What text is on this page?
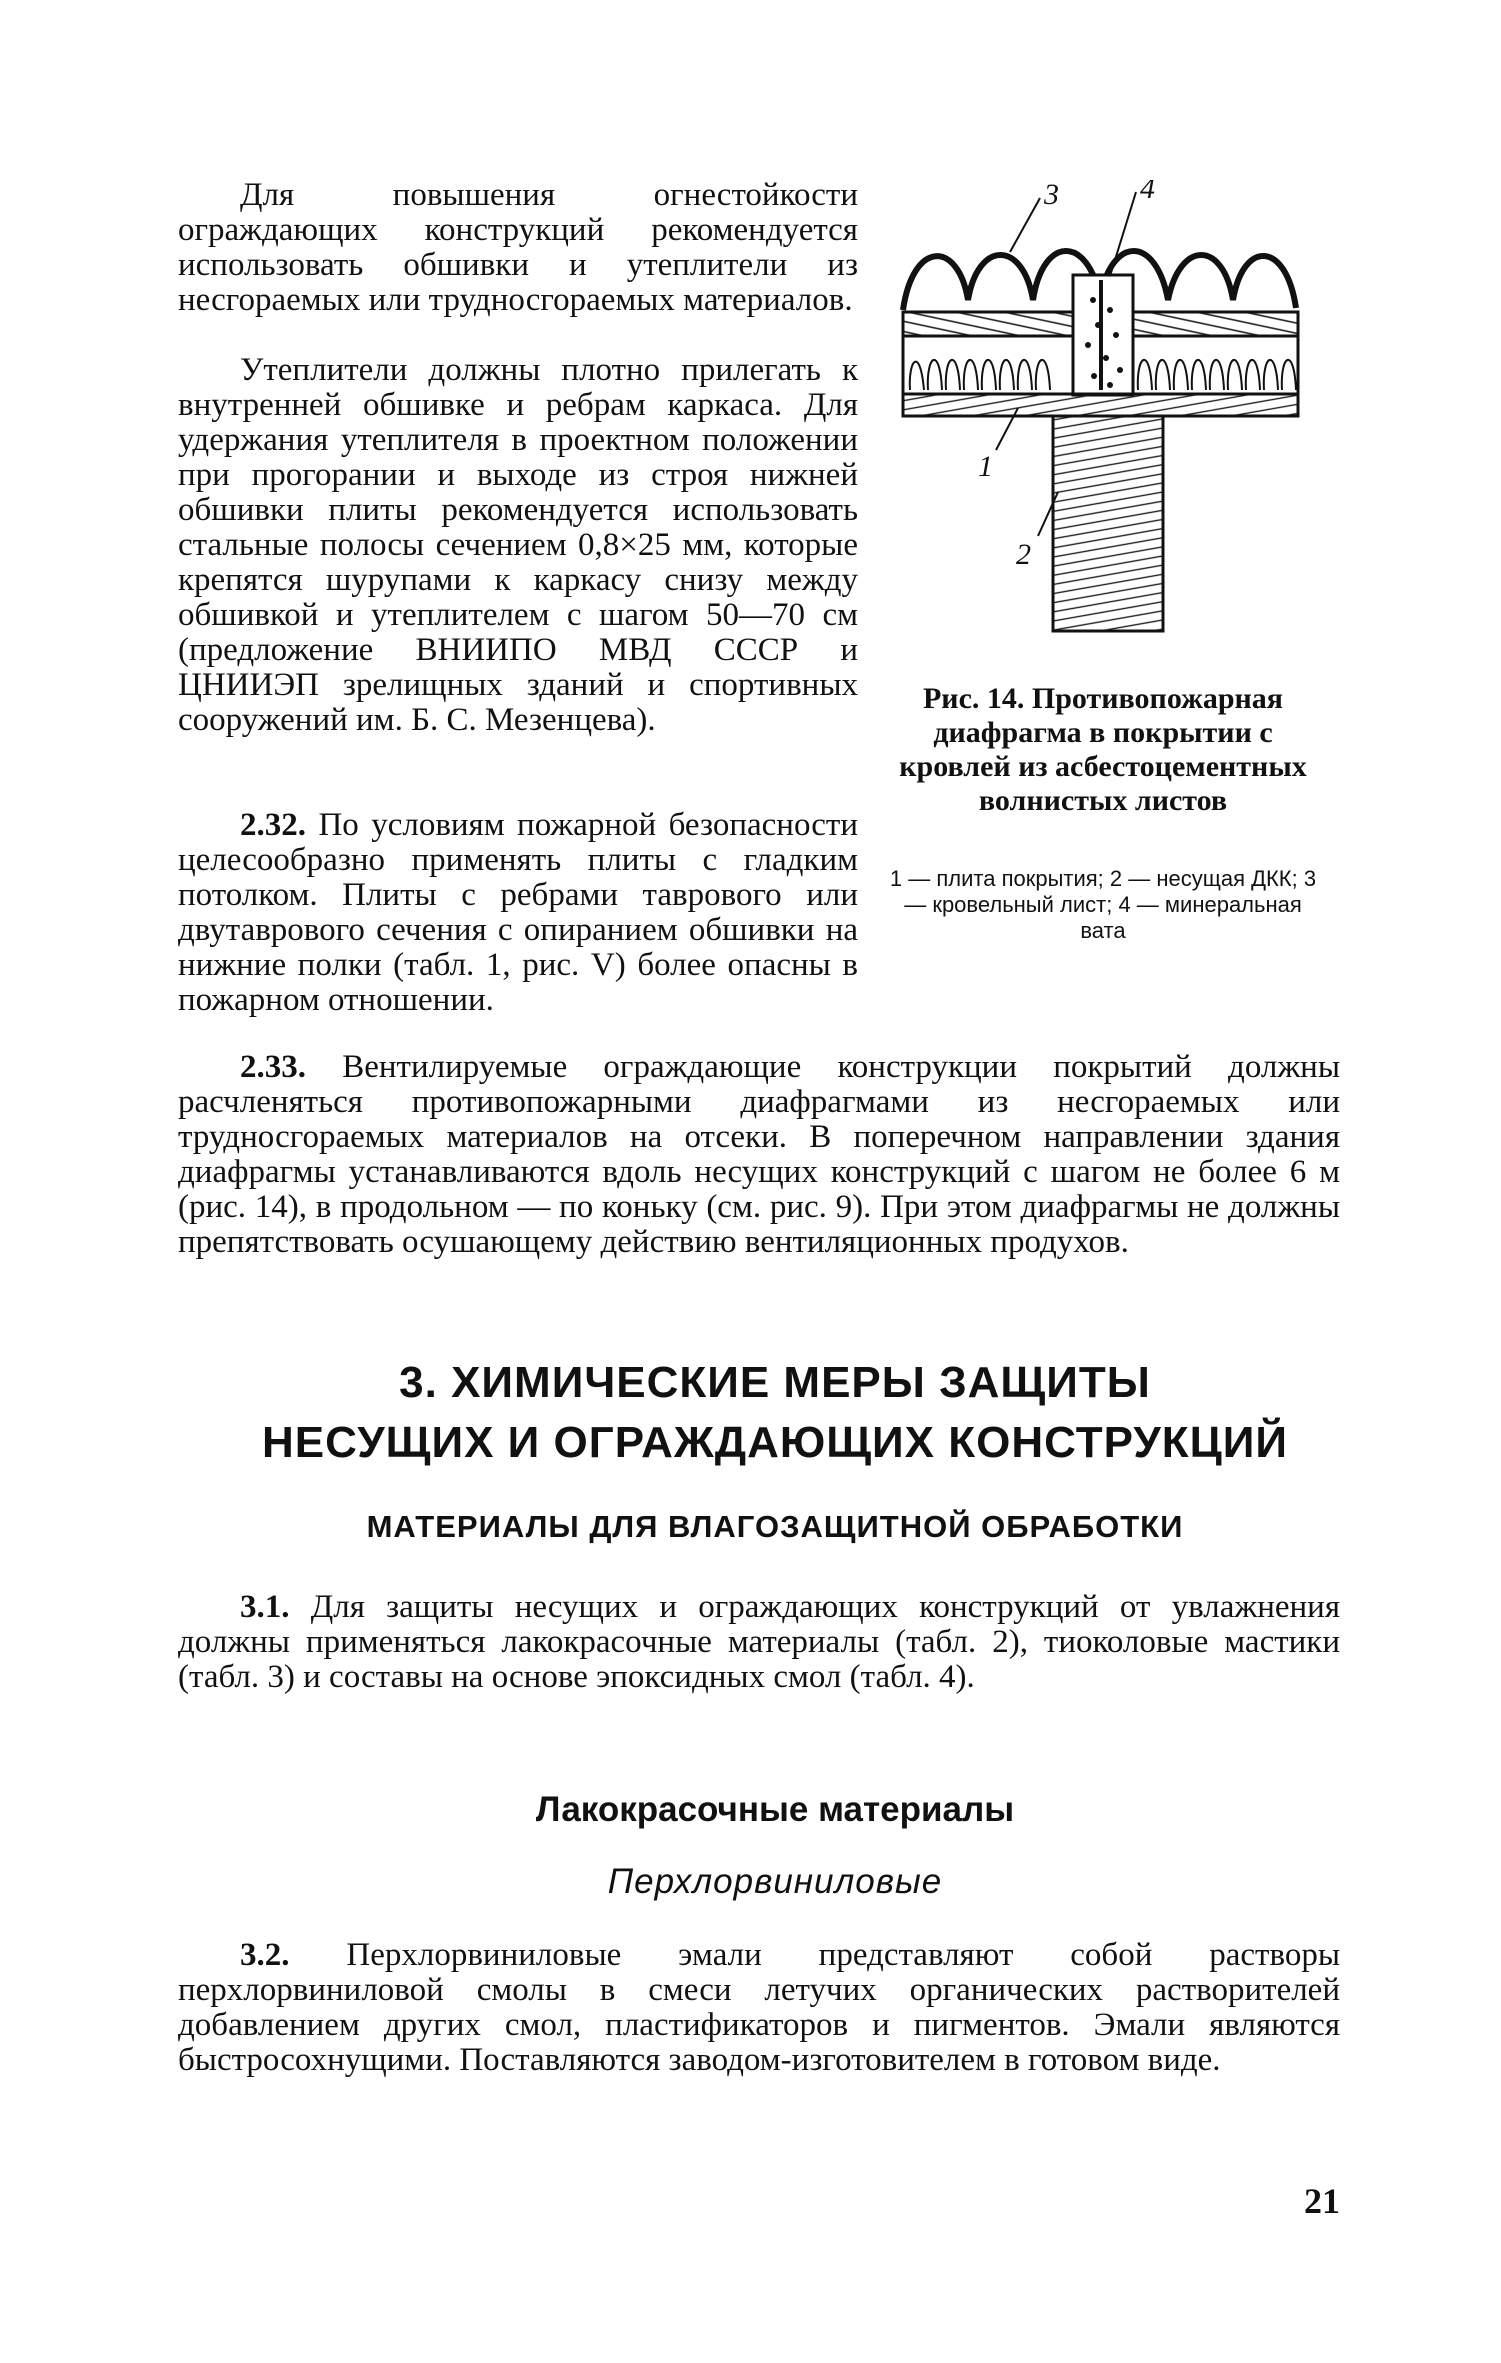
Для повышения огнестойкости ограждающих конструкций рекомендуется использовать обшивки и утеплители из несгораемых или трудносгораемых материалов.

Утеплители должны плотно прилегать к внутренней обшивке и ребрам каркаса. Для удержания утеплителя в проектном положении при прогорании и выходе из строя нижней обшивки плиты рекомендуется использовать стальные полосы сечением 0,8×25 мм, которые крепятся шурупами к каркасу снизу между обшивкой и утеплителем с шагом 50—70 см (предложение ВНИИПО МВД СССР и ЦНИИЭП зрелищных зданий и спортивных сооружений им. Б. С. Мезенцева).

2.32. По условиям пожарной безопасности целесообразно применять плиты с гладким потолком. Плиты с ребрами таврового или двутаврового сечения с опиранием обшивки на нижние полки (табл. 1, рис. V) более опасны в пожарном отношении.

3	4
1
2

Рис. 14. Противопожарная диафрагма в покрытии с кровлей из асбестоцементных волнистых листов

1 — плита покрытия; 2 — несущая ДКК; 3 — кровельный лист; 4 — минеральная вата

2.33. Вентилируемые ограждающие конструкции покрытий должны расчленяться противопожарными диафрагмами из несгораемых или трудносгораемых материалов на отсеки. В поперечном направлении здания диафрагмы устанавливаются вдоль несущих конструкций с шагом не более 6 м (рис. 14), в продольном — по коньку (см. рис. 9). При этом диафрагмы не должны препятствовать осушающему действию вентиляционных продухов.

3. ХИМИЧЕСКИЕ МЕРЫ ЗАЩИТЫ

НЕСУЩИХ И ОГРАЖДАЮЩИХ КОНСТРУКЦИЙ

МАТЕРИАЛЫ ДЛЯ ВЛАГОЗАЩИТНОЙ ОБРАБОТКИ

3.1. Для защиты несущих и ограждающих конструкций от увлажнения должны применяться лакокрасочные материалы (табл. 2), тиоколовые мастики (табл. 3) и составы на основе эпоксидных смол (табл. 4).

Лакокрасочные материалы

Перхлорвиниловые

3.2. Перхлорвиниловые эмали представляют собой растворы перхлорвиниловой смолы в смеси летучих органических растворителей добавлением других смол, пластификаторов и пигментов. Эмали являются быстросохнущими. Поставляются заводом-изготовителем в готовом виде.

21
